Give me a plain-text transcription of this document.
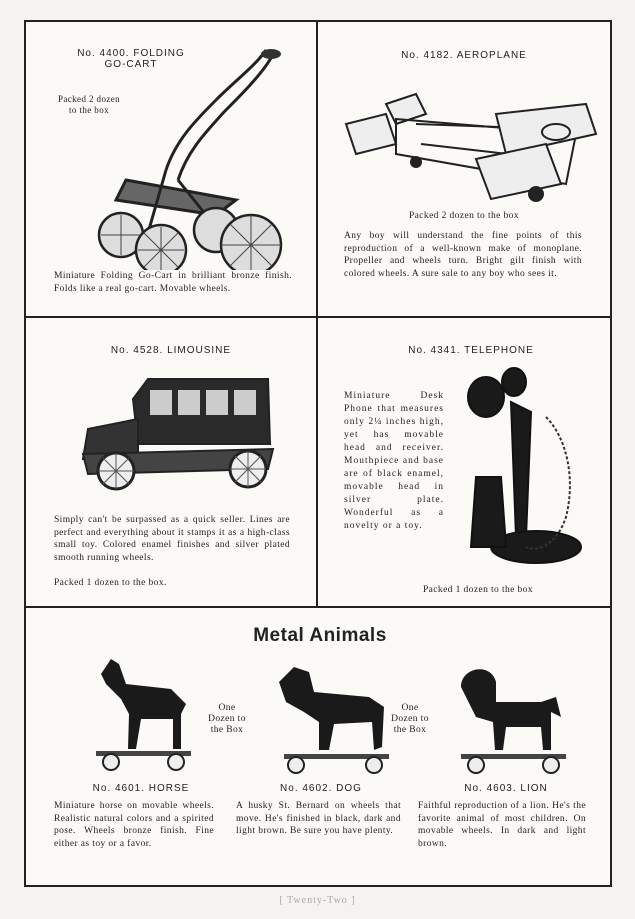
No. 4400. FOLDING
GO-CART
Packed 2 dozen to the box
Miniature Folding Go-Cart in brilliant bronze finish. Folds like a real go-cart. Movable wheels.
No. 4182. AEROPLANE
Packed 2 dozen to the box
Any boy will understand the fine points of this reproduction of a well-known make of monoplane. Propeller and wheels turn. Bright gilt finish with colored wheels. A sure sale to any boy who sees it.
No. 4528. LIMOUSINE
Simply can't be surpassed as a quick seller. Lines are perfect and everything about it stamps it as a high-class small toy. Colored enamel finishes and silver plated smooth running wheels.
Packed 1 dozen to the box.
No. 4341. TELEPHONE
Miniature Desk Phone that measures only 2¼ inches high, yet has movable head and receiver. Mouthpiece and base are of black enamel, movable head in silver plate. Wonderful as a novelty or a toy.
Packed 1 dozen to the box
Metal Animals
One Dozen to the Box
One Dozen to the Box
No. 4601. HORSE	No. 4602. DOG	No. 4603. LION
Miniature horse on movable wheels. Realistic natural colors and a spirited pose. Wheels bronze finish. Fine either as toy or a favor.
A husky St. Bernard on wheels that move. He's finished in black, dark and light brown. Be sure you have plenty.
Faithful reproduction of a lion. He's the favorite animal of most children. On movable wheels. In dark and light brown.
[ Twenty-Two ]
